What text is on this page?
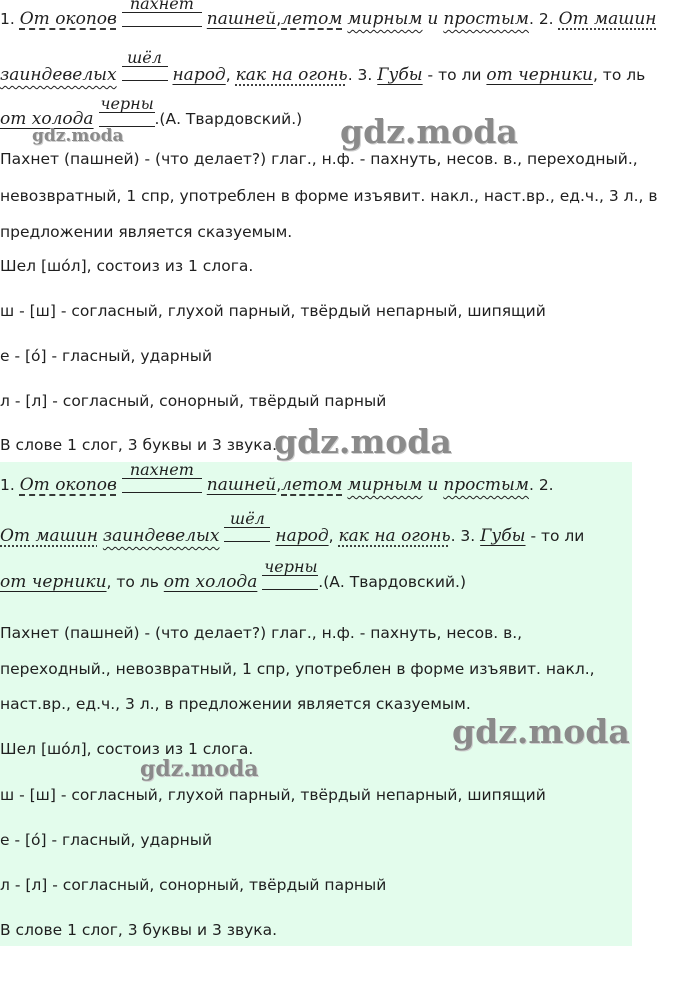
1. От окопов
пахнет
пашней,летом мирным и простым. 2. От машин
заиндевелых
шёл
народ, как на огонь. 3. Губы - то ли от черники, то ль
от холода
черны
.(А. Твардовский.)
Пахнет (пашней) - (что делает?) глаг., н.ф. - пахнуть, несов. в., переходный.,
невозвратный, 1 спр, употреблен в форме изъявит. накл., наст.вр., ед.ч., 3 л., в
предложении является сказуемым.
Шел [шóл], состоиз из 1 слога.
ш - [ш] - согласный, глухой парный, твёрдый непарный, шипящий
е - [ó] - гласный, ударный
л - [л] - согласный, сонорный, твёрдый парный
В слове 1 слог, 3 буквы и 3 звука.
1. От окопов
пахнет
пашней,летом мирным и простым. 2.
От машин заиндевелых
шёл
народ, как на огонь. 3. Губы - то ли
от черники, то ль от холода
черны
.(А. Твардовский.)
Пахнет (пашней) - (что делает?) глаг., н.ф. - пахнуть, несов. в.,
переходный., невозвратный, 1 спр, употреблен в форме изъявит. накл.,
наст.вр., ед.ч., 3 л., в предложении является сказуемым.
Шел [шóл], состоиз из 1 слога.
ш - [ш] - согласный, глухой парный, твёрдый непарный, шипящий
е - [ó] - гласный, ударный
л - [л] - согласный, сонорный, твёрдый парный
В слове 1 слог, 3 буквы и 3 звука.
gdz.moda	gdz.moda
gdz.moda
gdz.moda
gdz.moda
